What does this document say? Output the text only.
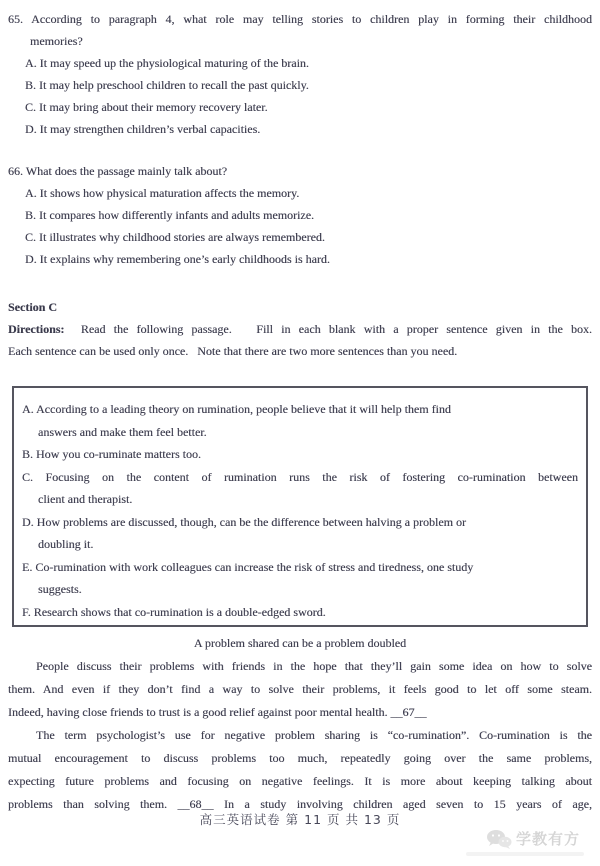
65. According to paragraph 4, what role may telling stories to children play in forming their childhood
memories?
A. It may speed up the physiological maturing of the brain.
B. It may help preschool children to recall the past quickly.
C. It may bring about their memory recovery later.
D. It may strengthen children’s verbal capacities.
66. What does the passage mainly talk about?
A. It shows how physical maturation affects the memory.
B. It compares how differently infants and adults memorize.
C. It illustrates why childhood stories are always remembered.
D. It explains why remembering one’s early childhoods is hard.
Section C
Directions:  Read the following passage.   Fill in each blank with a proper sentence given in the box.
Each sentence can be used only once.   Note that there are two more sentences than you need.
A. According to a leading theory on rumination, people believe that it will help them find
answers and make them feel better.
B. How you co-ruminate matters too.
C. Focusing on the content of rumination runs the risk of fostering co-rumination between
client and therapist.
D. How problems are discussed, though, can be the difference between halving a problem or
doubling it.
E. Co-rumination with work colleagues can increase the risk of stress and tiredness, one study
suggests.
F. Research shows that co-rumination is a double-edged sword.
A problem shared can be a problem doubled
People discuss their problems with friends in the hope that they’ll gain some idea on how to solve
them. And even if they don’t find a way to solve their problems, it feels good to let off some steam.
Indeed, having close friends to trust is a good relief against poor mental health. __67__
The term psychologist’s use for negative problem sharing is “co-rumination”. Co-rumination is the
mutual encouragement to discuss problems too much, repeatedly going over the same problems,
expecting future problems and focusing on negative feelings. It is more about keeping talking about
problems than solving them. __68__ In a study involving children aged seven to 15 years of age,
高三英语试卷 第 11 页 共 13 页
学教有方
